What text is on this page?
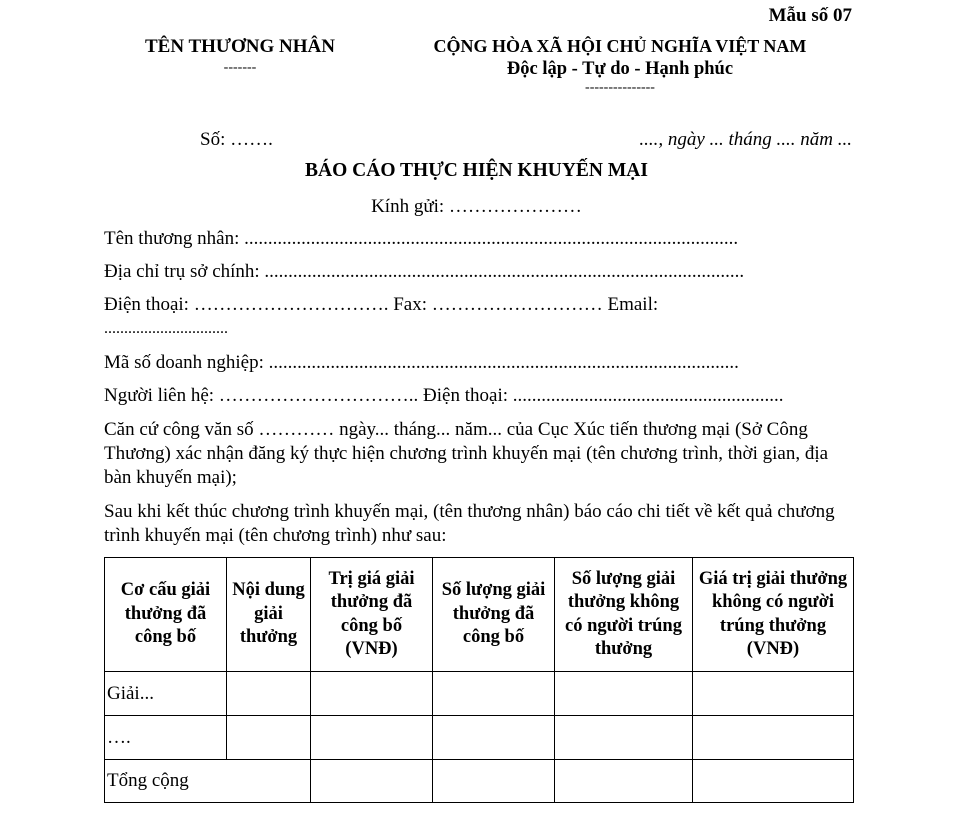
Mẫu số 07
TÊN THƯƠNG NHÂN
-------
CỘNG HÒA XÃ HỘI CHỦ NGHĨA VIỆT NAM
Độc lập - Tự do - Hạnh phúc
---------------
Số: …….	...., ngày ... tháng .... năm ...
BÁO CÁO THỰC HIỆN KHUYẾN MẠI
Kính gửi: …………………
Tên thương nhân: ........................................................................................................
Địa chỉ trụ sở chính: .....................................................................................................
Điện thoại: …………………………. Fax: ……………………… Email:
...............................
Mã số doanh nghiệp: ...................................................................................................
Người liên hệ: ………………………….. Điện thoại: .........................................................
Căn cứ công văn số ………… ngày... tháng... năm... của Cục Xúc tiến thương mại (Sở Công Thương) xác nhận đăng ký thực hiện chương trình khuyến mại (tên chương trình, thời gian, địa bàn khuyến mại);
Sau khi kết thúc chương trình khuyến mại, (tên thương nhân) báo cáo chi tiết về kết quả chương trình khuyến mại (tên chương trình) như sau:
Cơ cấu giải thưởng đã công bố	Nội dung giải thưởng	Trị giá giải thưởng đã công bố (VNĐ)	Số lượng giải thưởng đã công bố	Số lượng giải thưởng không có người trúng thưởng	Giá trị giải thưởng không có người trúng thưởng (VNĐ)
Giải...					
….					
Tổng cộng					
